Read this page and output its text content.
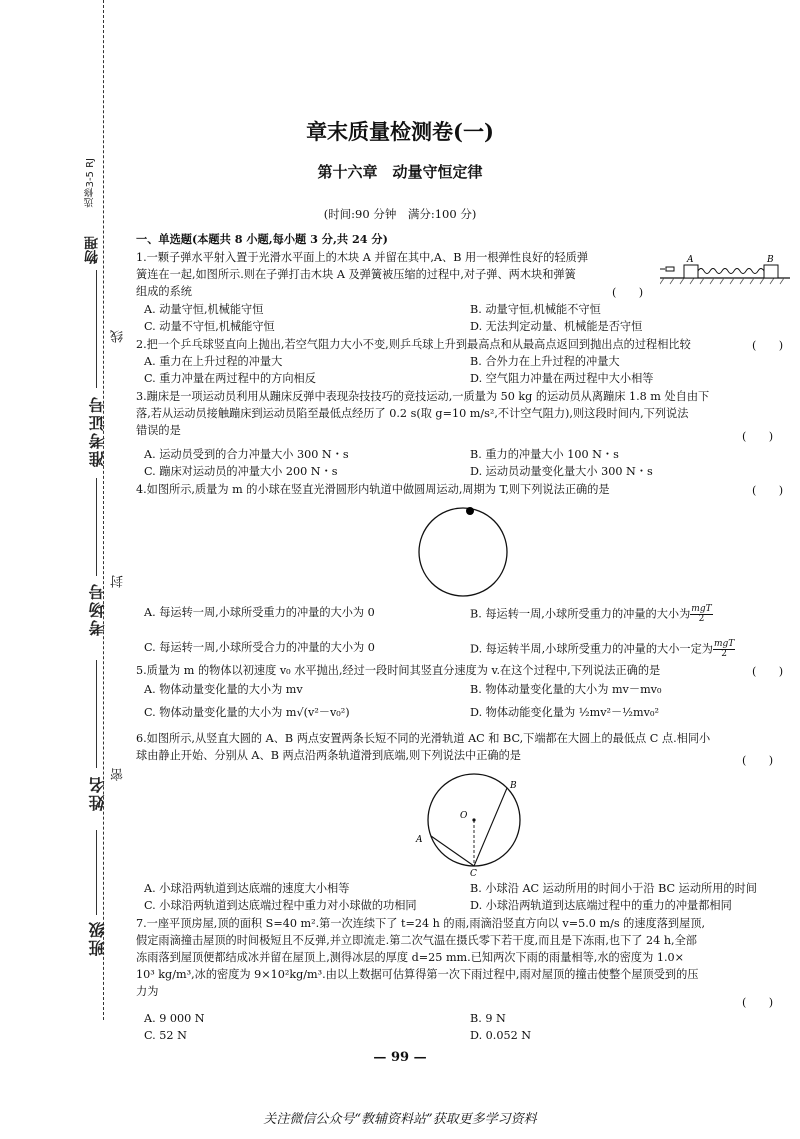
物理
选修3-5 RJ
线
封
密
准考证号
考场号
姓名
班级
章末质量检测卷(一)
第十六章　动量守恒定律
(时间:90 分钟　满分:100 分)
一、单选题(本题共 8 小题,每小题 3 分,共 24 分)
1.一颗子弹水平射入置于光滑水平面上的木块 A 并留在其中,A、B 用一根弹性良好的轻质弹
簧连在一起,如图所示.则在子弹打击木块 A 及弹簧被压缩的过程中,对子弹、两木块和弹簧
组成的系统	(　　)
A	B
A. 动量守恒,机械能守恒	B. 动量守恒,机械能不守恒
C. 动量不守恒,机械能守恒	D. 无法判定动量、机械能是否守恒
2.把一个乒乓球竖直向上抛出,若空气阻力大小不变,则乒乓球上升到最高点和从最高点返回到抛出点的过程相比较	(　　)
A. 重力在上升过程的冲量大	B. 合外力在上升过程的冲量大
C. 重力冲量在两过程中的方向相反	D. 空气阻力冲量在两过程中大小相等
3.蹦床是一项运动员利用从蹦床反弹中表现杂技技巧的竞技运动,一质量为 50 kg 的运动员从离蹦床 1.8 m 处自由下
落,若从运动员接触蹦床到运动员陷至最低点经历了 0.2 s(取 g=10 m/s²,不计空气阻力),则这段时间内,下列说法
错误的是	(　　)
A. 运动员受到的合力冲量大小 300 N・s	B. 重力的冲量大小 100 N・s
C. 蹦床对运动员的冲量大小 200 N・s	D. 运动员动量变化量大小 300 N・s
4.如图所示,质量为 m 的小球在竖直光滑圆形内轨道中做圆周运动,周期为 T,则下列说法正确的是	(　　)
A. 每运转一周,小球所受重力的冲量的大小为 0	B. 每运转一周,小球所受重力的冲量的大小为 $\frac{\text{mgT}}{2}$
C. 每运转一周,小球所受合力的冲量的大小为 0	D. 每运转半周,小球所受重力的冲量的大小一定为 $\frac{\text{mgT}}{2}$
5.质量为 m 的物体以初速度 v₀ 水平抛出,经过一段时间其竖直分速度为 v.在这个过程中,下列说法正确的是	(　　)
A. 物体动量变化量的大小为 mv	B. 物体动量变化量的大小为 mv－mv₀
C. 物体动量变化量的大小为 m√(v²－v₀²)	D. 物体动能变化量为 ½mv²－½mv₀²
6.如图所示,从竖直大圆的 A、B 两点安置两条长短不同的光滑轨道 AC 和 BC,下端都在大圆上的最低点 C 点.相同小
球由静止开始、分别从 A、B 两点沿两条轨道滑到底端,则下列说法中正确的是	(　　)
A
B
C
O
A. 小球沿两轨道到达底端的速度大小相等	B. 小球沿 AC 运动所用的时间小于沿 BC 运动所用的时间
C. 小球沿两轨道到达底端过程中重力对小球做的功相同	D. 小球沿两轨道到达底端过程中的重力的冲量都相同
7.一座平顶房屋,顶的面积 S=40 m².第一次连续下了 t=24 h 的雨,雨滴沿竖直方向以 v=5.0 m/s 的速度落到屋顶,
假定雨滴撞击屋顶的时间极短且不反弹,并立即流走.第二次气温在摄氏零下若干度,而且是下冻雨,也下了 24 h,全部
冻雨落到屋顶便都结成冰并留在屋顶上,测得冰层的厚度 d=25 mm.已知两次下雨的雨量相等,水的密度为 1.0×
10³ kg/m³,冰的密度为 9×10²kg/m³.由以上数据可估算得第一次下雨过程中,雨对屋顶的撞击使整个屋顶受到的压
力为
(　　)
A. 9 000 N	B. 9 N
C. 52 N	D. 0.052 N
— 99 —
关注微信公众号“教辅资料站”获取更多学习资料
